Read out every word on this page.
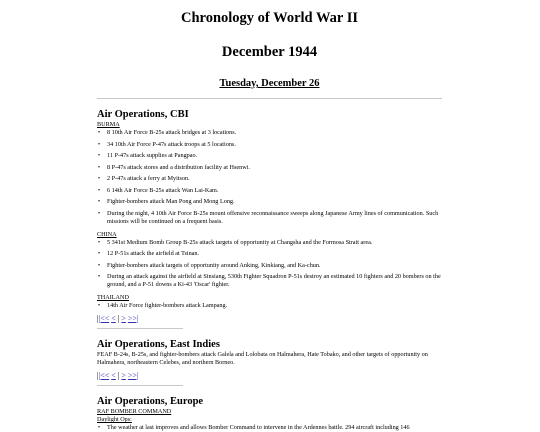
Chronology of World War II
December 1944
Tuesday, December 26
Air Operations, CBI
BURMA
• 8 10th Air Force B-25s attack bridges at 3 locations.
• 34 10th Air Force P-47s attack troops at 5 locations.
• 11 P-47s attack supplies at Pangpao.
• 8 P-47s attack stores and a distribution facility at Hsenwi.
• 2 P-47s attack a ferry at Myitson.
• 6 14th Air Force B-25s attack Wan Lai-Kam.
• Fighter-bombers attack Man Pong and Mong Long.
• During the night, 4 10th Air Force B-25s mount offensive reconnaissance sweeps along Japanese Army lines of communication. Such missions will be continued on a frequent basis.
CHINA
• 5 341st Medium Bomb Group B-25s attack targets of opportunity at Changsha and the Formosa Strait area.
• 12 P-51s attack the airfield at Tsinan.
• Fighter-bombers attack targets of opportunity around Anking, Kinkiang, and Ka-chun.
• During an attack against the airfield at Sinsiang, 530th Fighter Squadron P-51s destroy an estimated 10 fighters and 20 bombers on the ground, and a P-51 downs a Ki-43 'Oscar' fighter.
THAILAND
• 14th Air Force fighter-bombers attack Lampang.
||<< < | > >>|
Air Operations, East Indies

FEAF B-24s, B-25s, and fighter-bombers attack Galela and Lolobata on Halmahera, Hate Tobako, and other targets of opportunity on Halmahera, northeastern Celebes, and northern Borneo.

||<< < | > >>|
Air Operations, Europe
RAF BOMBER COMMAND
Daylight Ops:
• The weather at last improves and allows Bomber Command to intervene in the Ardennes battle. 294 aircraft including 146
